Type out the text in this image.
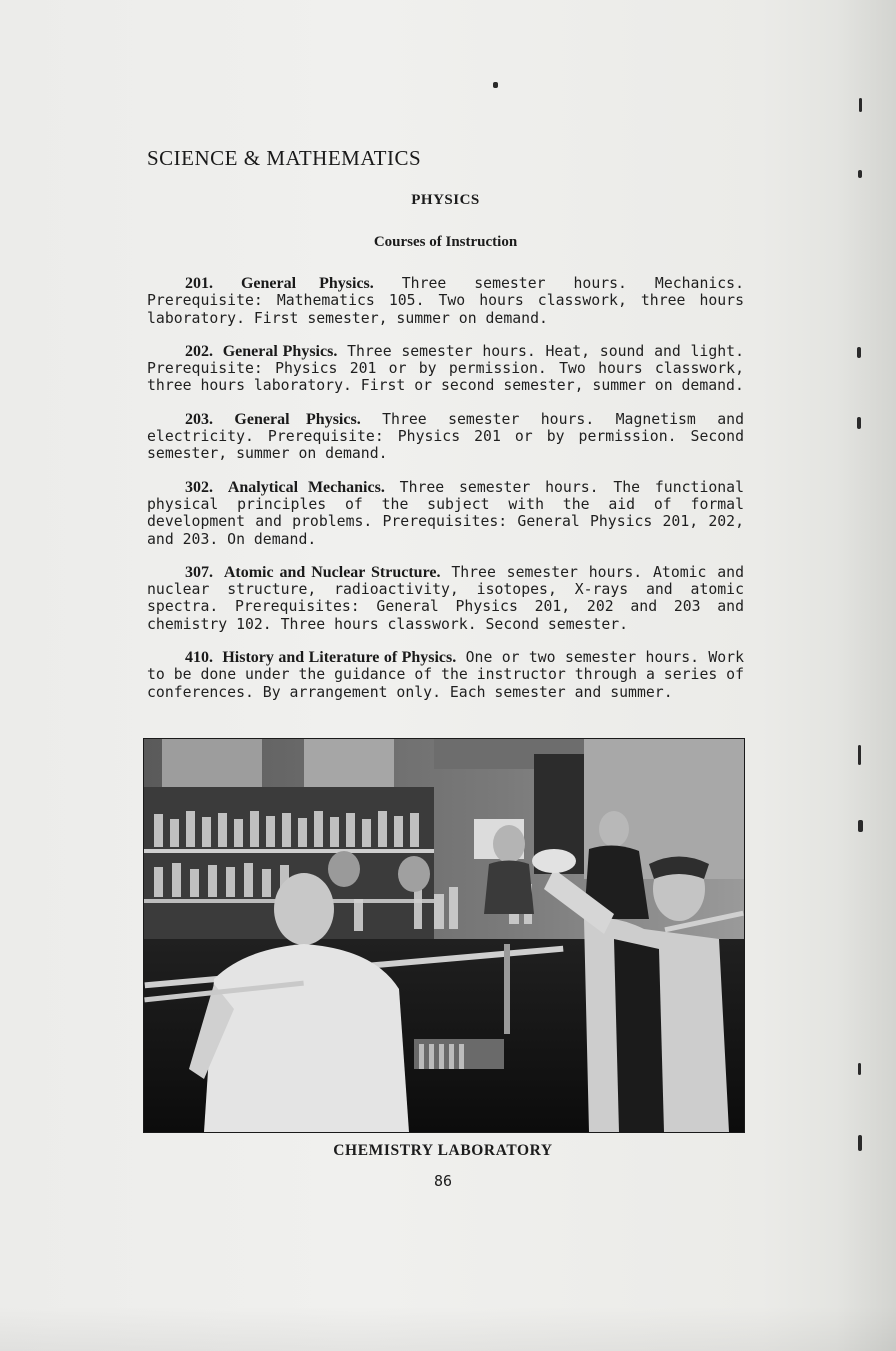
SCIENCE & MATHEMATICS
PHYSICS
Courses of Instruction

201. General Physics. Three semester hours. Mechanics. Prerequisite: Mathematics 105. Two hours classwork, three hours laboratory. First semester, summer on demand.

202. General Physics. Three semester hours. Heat, sound and light. Prerequisite: Physics 201 or by permission. Two hours classwork, three hours laboratory. First or second semester, summer on demand.

203. General Physics. Three semester hours. Magnetism and electricity. Prerequisite: Physics 201 or by permission. Second semester, summer on demand.

302. Analytical Mechanics. Three semester hours. The functional physical principles of the subject with the aid of formal development and problems. Prerequisites: General Physics 201, 202, and 203. On demand.

307. Atomic and Nuclear Structure. Three semester hours. Atomic and nuclear structure, radioactivity, isotopes, X-rays and atomic spectra. Prerequisites: General Physics 201, 202 and 203 and chemistry 102. Three hours classwork. Second semester.

410. History and Literature of Physics. One or two semester hours. Work to be done under the guidance of the instructor through a series of conferences. By arrangement only. Each semester and summer.

CHEMISTRY LABORATORY

86
